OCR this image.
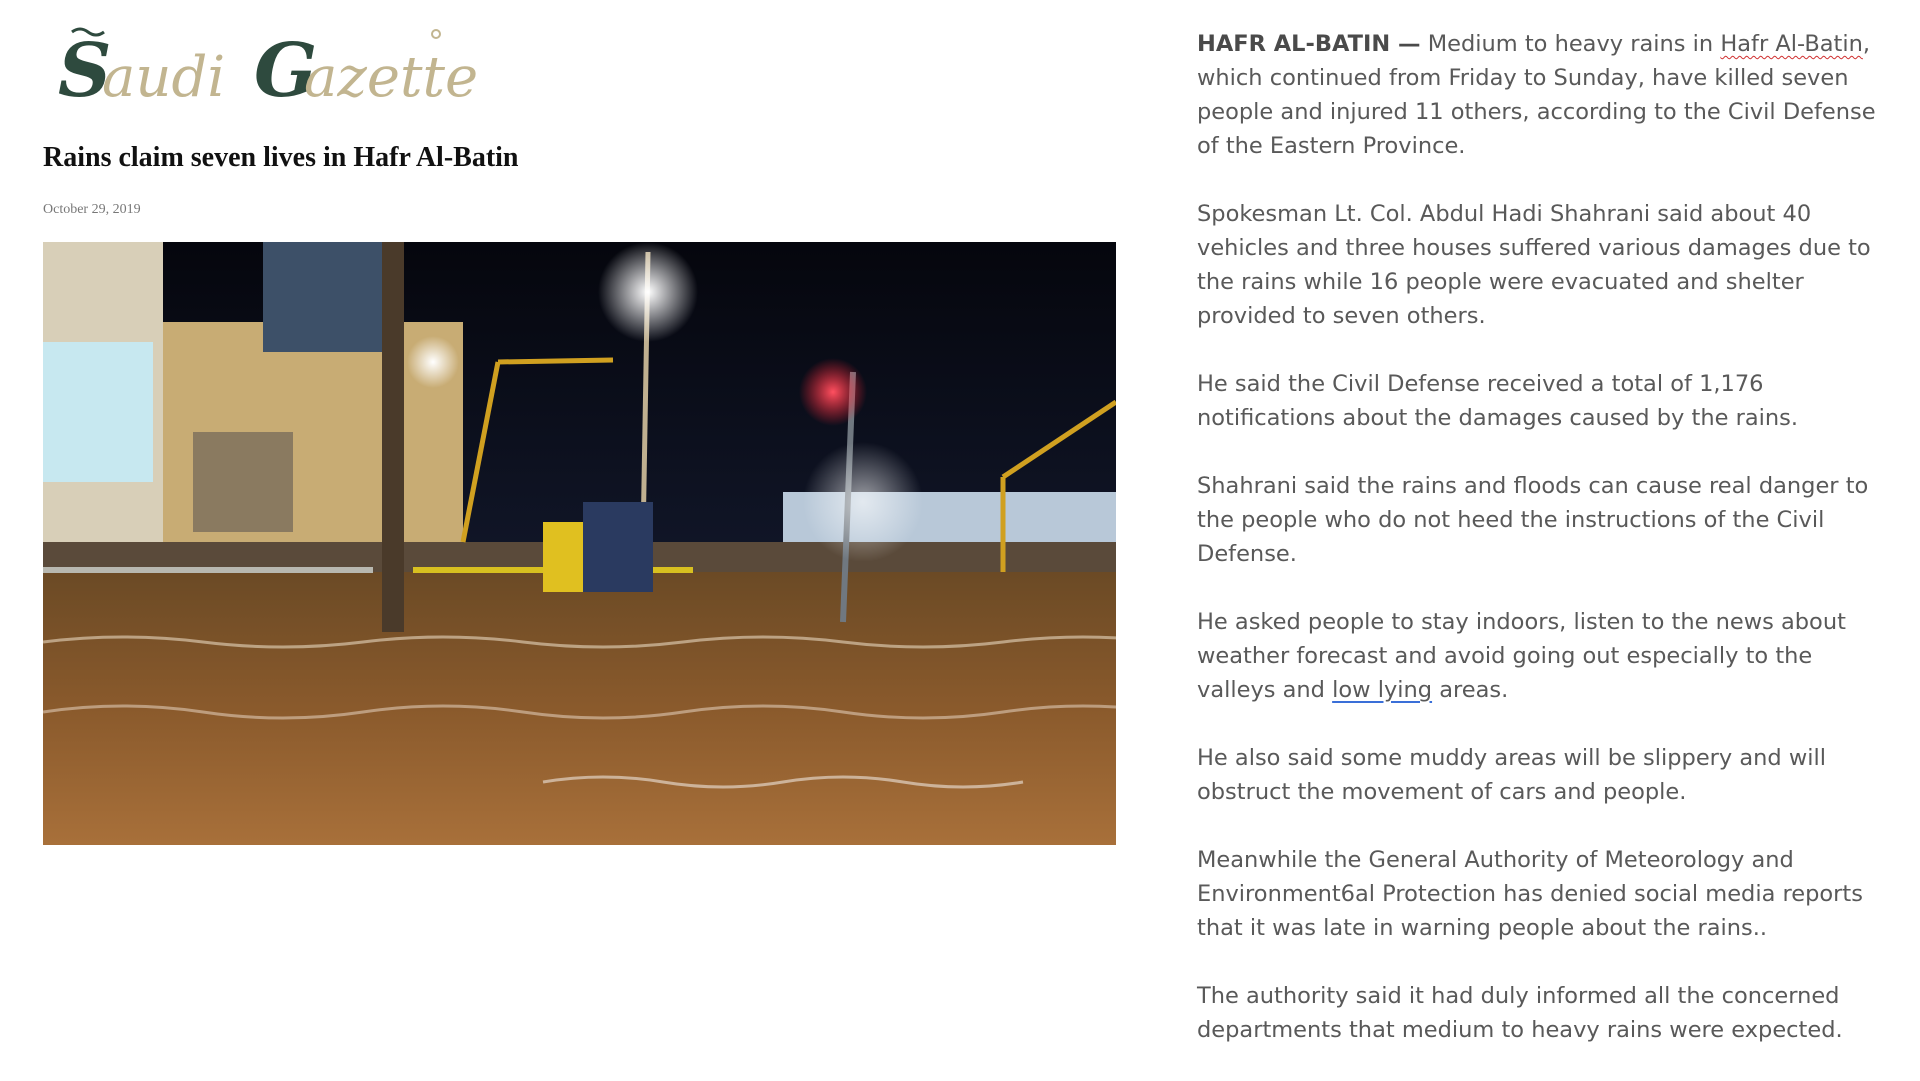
S
audi G
azette
Rains claim seven lives in Hafr Al-Batin
October 29, 2019

HAFR AL-BATIN — Medium to heavy rains in Hafr Al-Batin, which continued from Friday to Sunday, have killed seven people and injured 11 others, according to the Civil Defense of the Eastern Province.

Spokesman Lt. Col. Abdul Hadi Shahrani said about 40 vehicles and three houses suffered various damages due to the rains while 16 people were evacuated and shelter provided to seven others.

He said the Civil Defense received a total of 1,176 notifications about the damages caused by the rains.

Shahrani said the rains and floods can cause real danger to the people who do not heed the instructions of the Civil Defense.

He asked people to stay indoors, listen to the news about weather forecast and avoid going out especially to the valleys and low lying areas.

He also said some muddy areas will be slippery and will obstruct the movement of cars and people.

Meanwhile the General Authority of Meteorology and Environment6al Protection has denied social media reports that it was late in warning people about the rains..

The authority said it had duly informed all the concerned departments that medium to heavy rains were expected.
